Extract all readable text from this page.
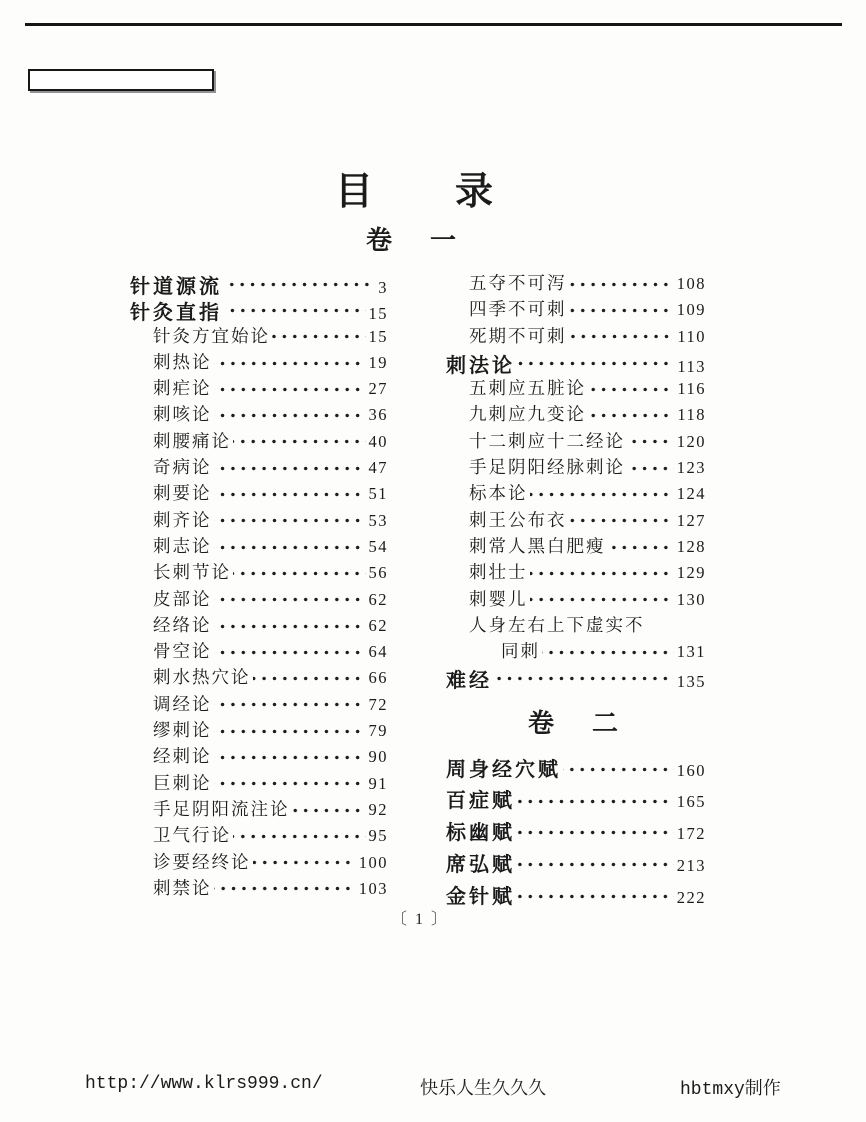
目　　录
卷　一
针道源流	3
针灸直指	15
针灸方宜始论	15
刺热论	19
刺疟论	27
刺咳论	36
刺腰痛论	40
奇病论	47
刺要论	51
刺齐论	53
刺志论	54
长刺节论	56
皮部论	62
经络论	62
骨空论	64
刺水热穴论	66
调经论	72
缪刺论	79
经刺论	90
巨刺论	91
手足阴阳流注论	92
卫气行论	95
诊要经终论	100
刺禁论	103
五夺不可泻	108
四季不可刺	109
死期不可刺	110
刺法论	113
五刺应五脏论	116
九刺应九变论	118
十二刺应十二经论	120
手足阴阳经脉刺论	123
标本论	124
刺王公布衣	127
刺常人黑白肥瘦	128
刺壮士	129
刺婴儿	130
人身左右上下虚实不
同刺	131
难经	135
卷　二
周身经穴赋	160
百症赋	165
标幽赋	172
席弘赋	213
金针赋	222
〔 1 〕
http://www.klrs999.cn/	快乐人生久久久	hbtmxy制作
